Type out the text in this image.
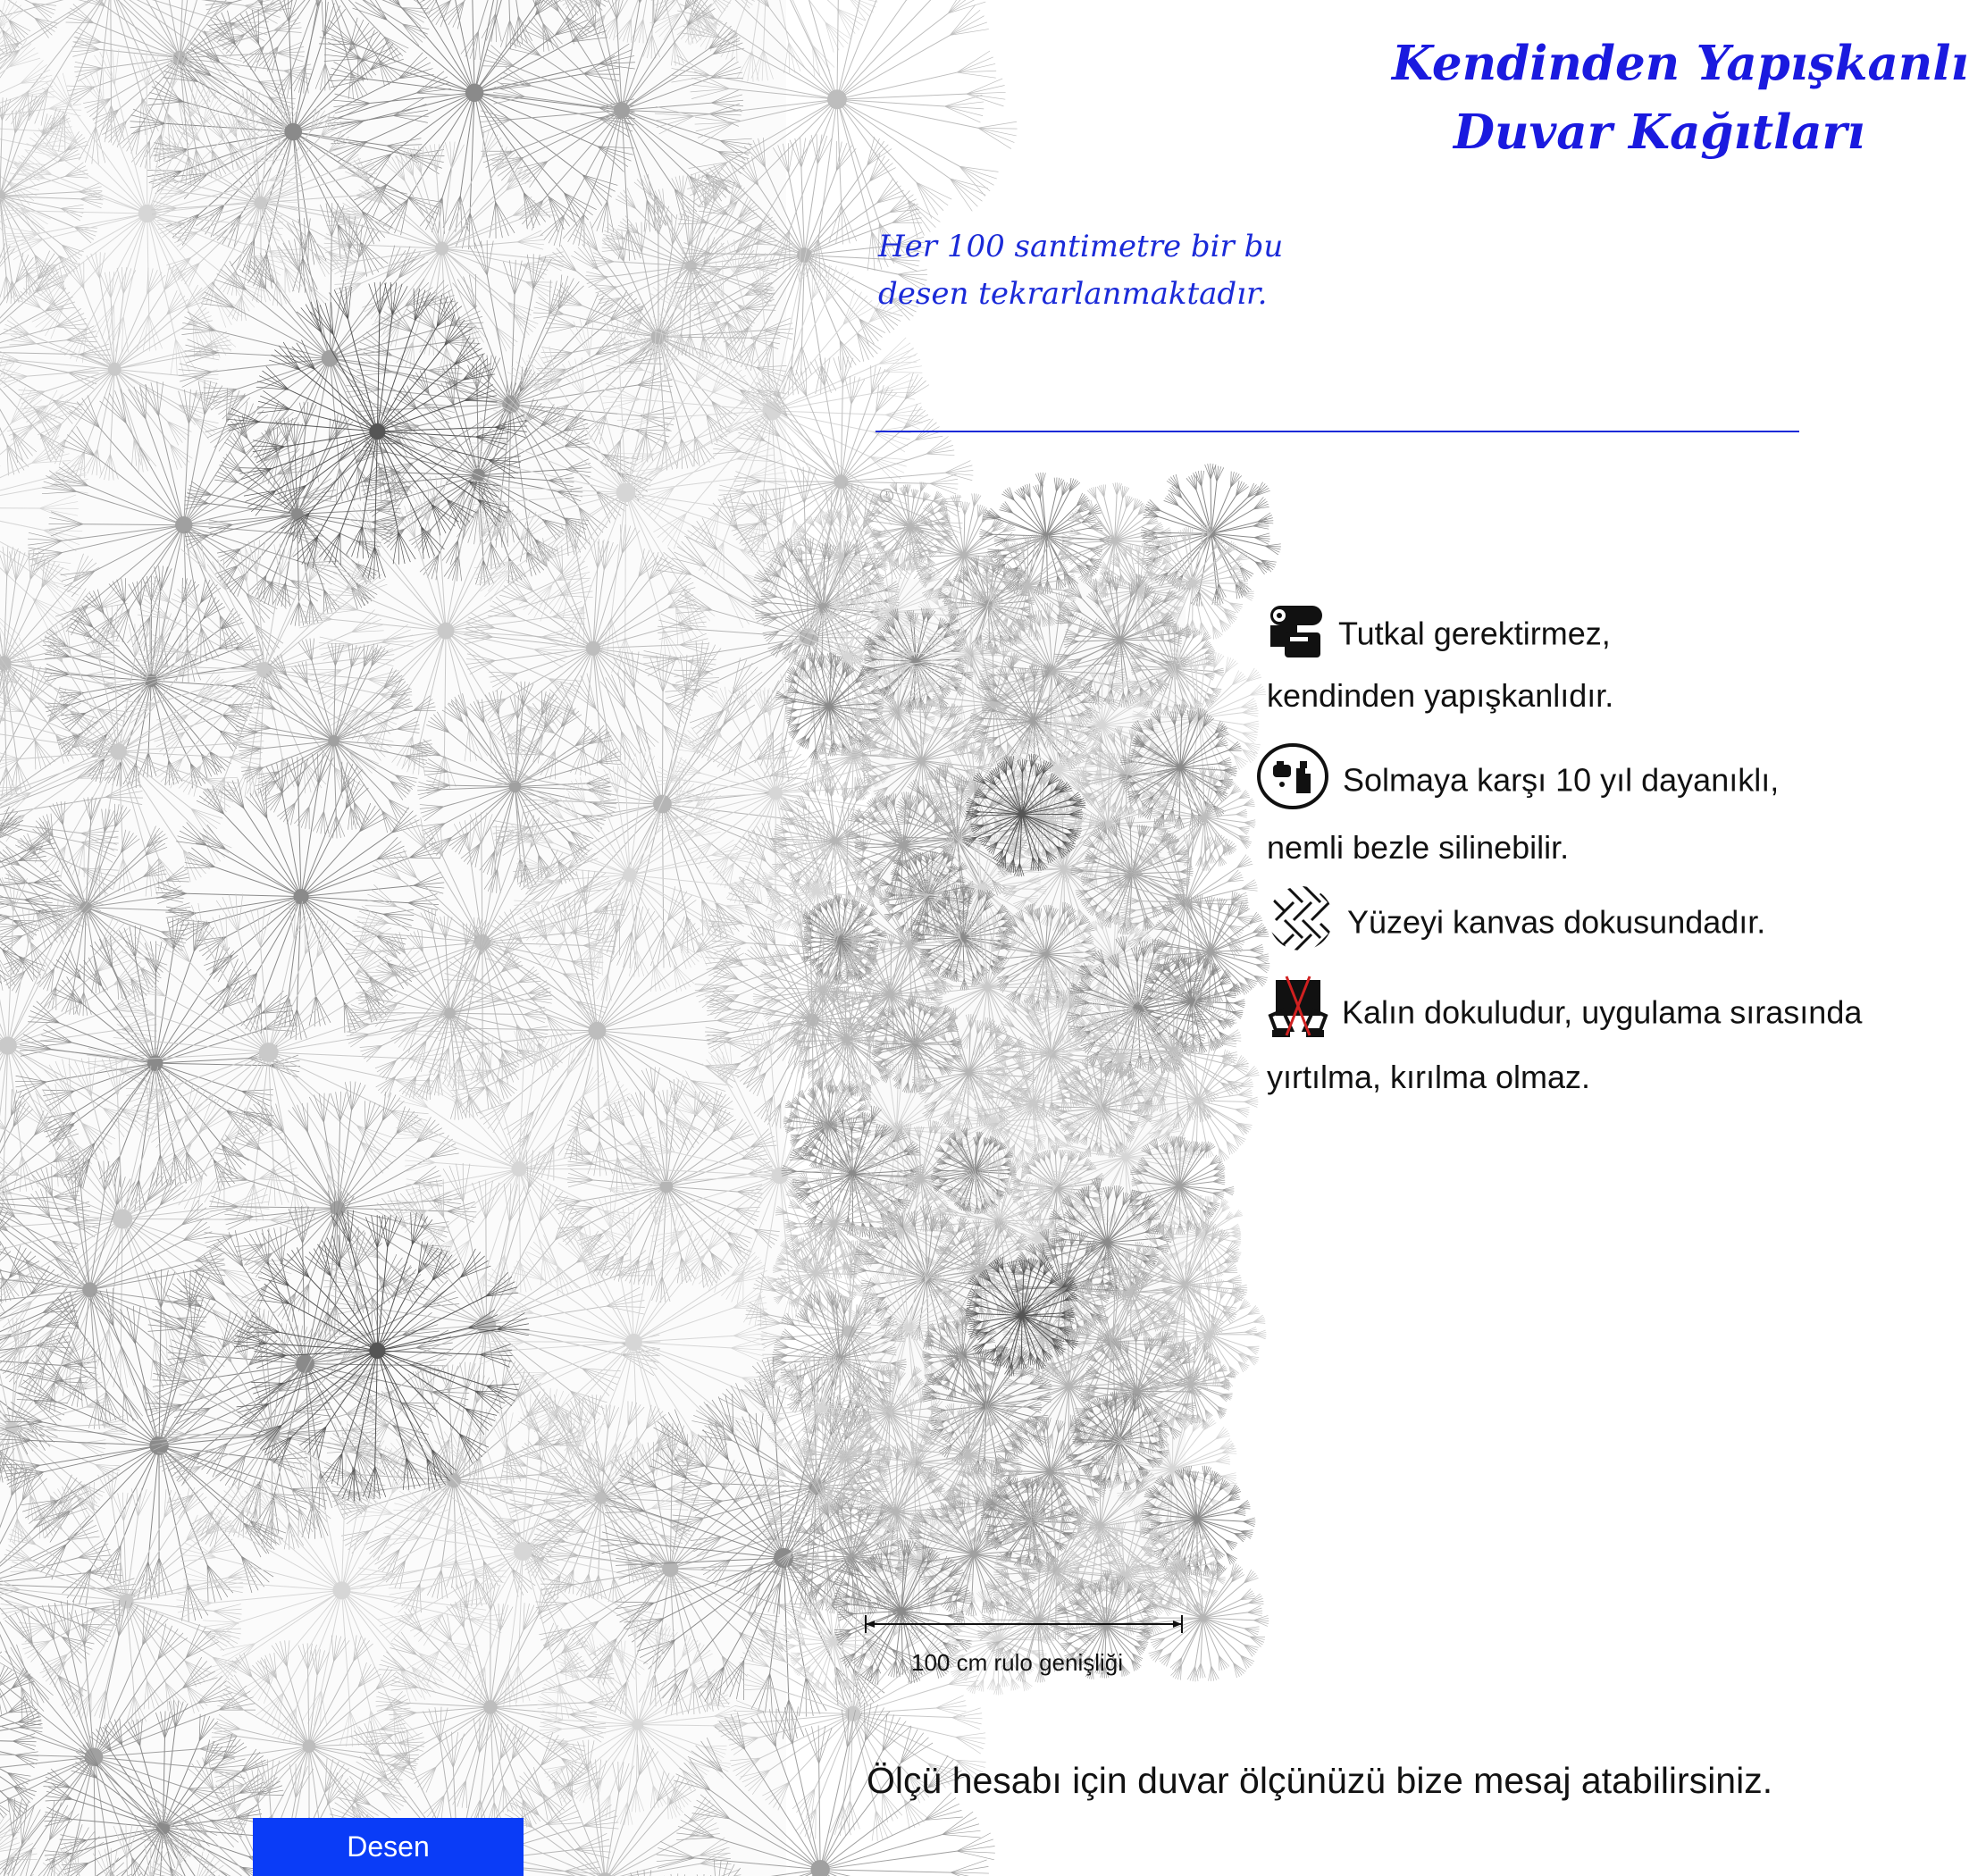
Desen
Kendinden Yapışkanlı
Duvar Kağıtları
Her 100 santimetre bir bu desen tekrarlanmaktadır.
!
100 cm rulo genişliği
Tutkal gerektirmez,
kendinden yapışkanlıdır.
Solmaya karşı 10 yıl dayanıklı,
nemli bezle silinebilir.
Yüzeyi kanvas dokusundadır.
Kalın dokuludur, uygulama sırasında
yırtılma, kırılma olmaz.
Ölçü hesabı için duvar ölçünüzü bize mesaj atabilirsiniz.
